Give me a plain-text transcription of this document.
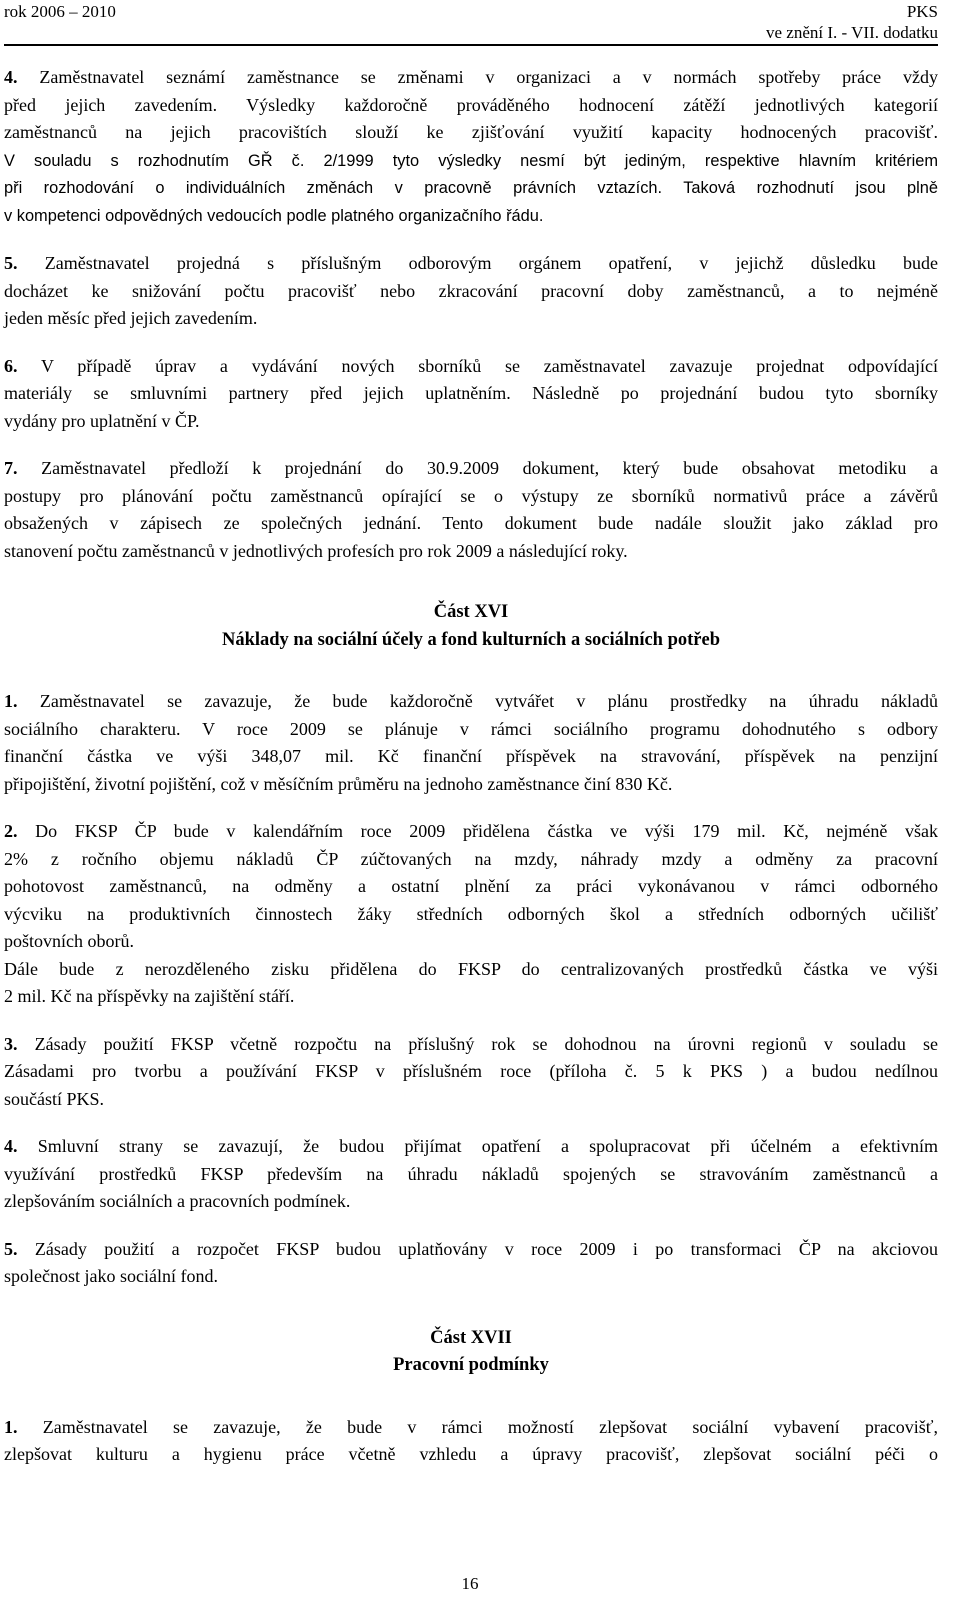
rok 2006 – 2010	PKS
ve znění I. - VII. dodatku

4. Zaměstnavatel seznámí zaměstnance se změnami v organizaci a v normách spotřeby práce vždy
před jejich zavedením. Výsledky každoročně prováděného hodnocení zátěží jednotlivých kategorií
zaměstnanců na jejich pracovištích slouží ke zjišťování využití kapacity hodnocených pracovišť.
V souladu s rozhodnutím GŘ č. 2/1999 tyto výsledky nesmí být jediným, respektive hlavním kritériem
při rozhodování o individuálních změnách v pracovně právních vztazích. Taková rozhodnutí jsou plně
v kompetenci odpovědných vedoucích podle platného organizačního řádu.

5. Zaměstnavatel projedná s příslušným odborovým orgánem opatření, v jejichž důsledku bude
docházet ke snižování počtu pracovišť nebo zkracování pracovní doby zaměstnanců, a to nejméně
jeden měsíc před jejich zavedením.

6. V případě úprav a vydávání nových sborníků se zaměstnavatel zavazuje projednat odpovídající
materiály se smluvními partnery před jejich uplatněním. Následně po projednání budou tyto sborníky
vydány pro uplatnění v ČP.

7. Zaměstnavatel předloží k projednání do 30.9.2009 dokument, který bude obsahovat metodiku a
postupy pro plánování počtu zaměstnanců opírající se o výstupy ze sborníků normativů práce a závěrů
obsažených v zápisech ze společných jednání. Tento dokument bude nadále sloužit jako základ pro
stanovení počtu zaměstnanců v jednotlivých profesích pro rok 2009 a následující roky.

Část XVI
Náklady na sociální účely a fond kulturních a sociálních potřeb

1. Zaměstnavatel se zavazuje, že bude každoročně vytvářet v plánu prostředky na úhradu nákladů
sociálního charakteru. V roce 2009 se plánuje v rámci sociálního programu dohodnutého s odbory
finanční částka ve výši 348,07 mil. Kč finanční příspěvek na stravování, příspěvek na penzijní
připojištění, životní pojištění, což v měsíčním průměru na jednoho zaměstnance činí 830 Kč.

2. Do FKSP ČP bude v kalendářním roce 2009 přidělena částka ve výši 179 mil. Kč, nejméně však
2% z ročního objemu nákladů ČP zúčtovaných na mzdy, náhrady mzdy a odměny za pracovní
pohotovost zaměstnanců, na odměny a ostatní plnění za práci vykonávanou v rámci odborného
výcviku na produktivních činnostech žáky středních odborných škol a středních odborných učilišť
poštovních oborů.
Dále bude z nerozděleného zisku přidělena do FKSP do centralizovaných prostředků částka ve výši
2 mil. Kč na příspěvky na zajištění stáří.

3. Zásady použití FKSP včetně rozpočtu na příslušný rok se dohodnou na úrovni regionů v souladu se
Zásadami pro tvorbu a používání FKSP v příslušném roce (příloha č. 5 k PKS ) a budou nedílnou
součástí PKS.

4. Smluvní strany se zavazují, že budou přijímat opatření a spolupracovat při účelném a efektivním
využívání prostředků FKSP především na úhradu nákladů spojených se stravováním zaměstnanců a
zlepšováním sociálních a pracovních podmínek.

5. Zásady použití a rozpočet FKSP budou uplatňovány v roce 2009 i po transformaci ČP na akciovou
společnost jako sociální fond.

Část XVII
Pracovní podmínky

1. Zaměstnavatel se zavazuje, že bude v rámci možností zlepšovat sociální vybavení pracovišť,
zlepšovat kulturu a hygienu práce včetně vzhledu a úpravy pracovišť, zlepšovat sociální péči o

16
